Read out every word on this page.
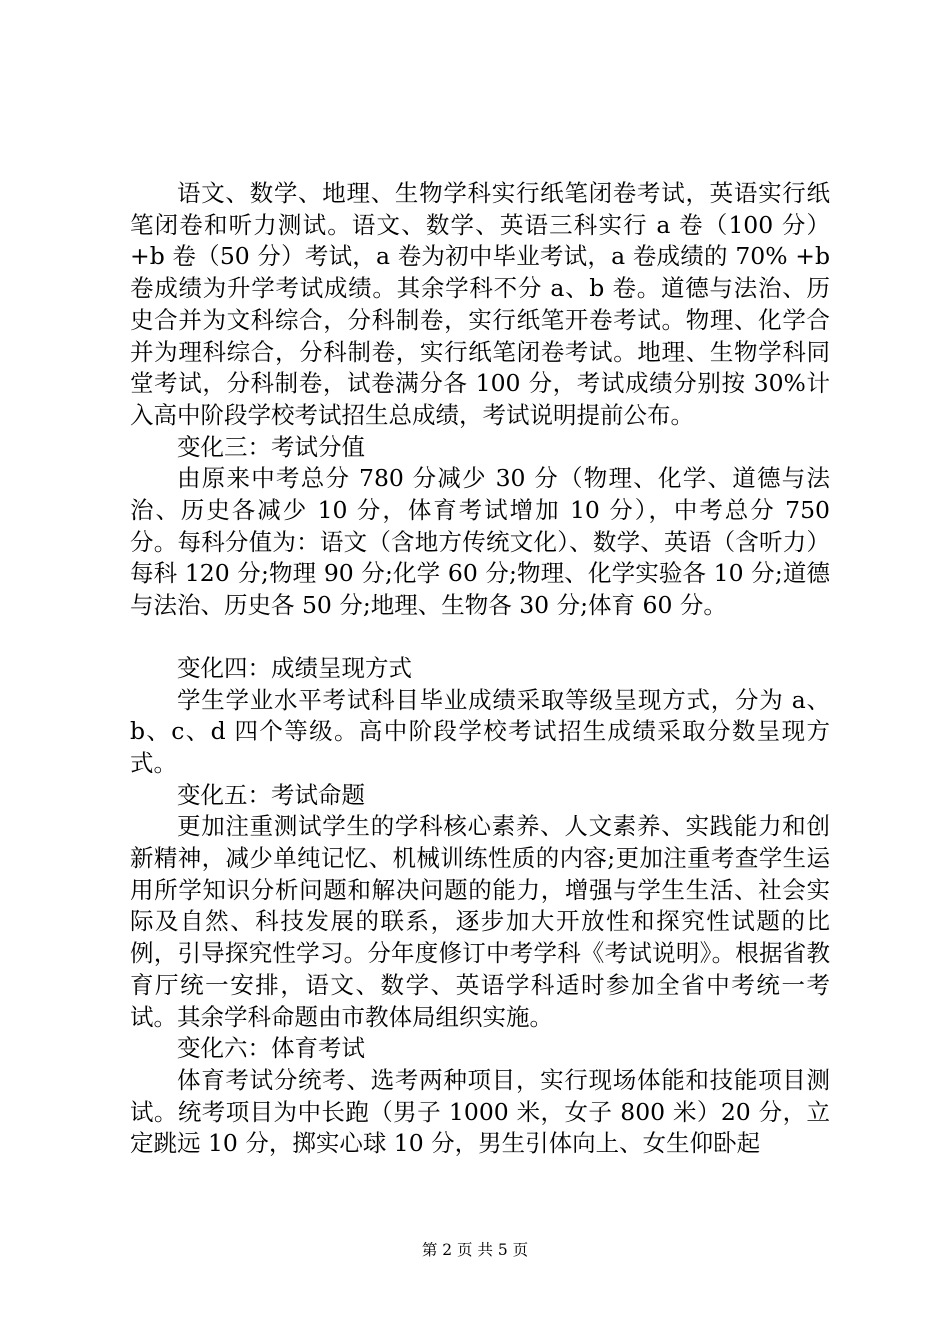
语文、数学、地理、生物学科实行纸笔闭卷考试，英语实行纸笔闭卷和听力测试。语文、数学、英语三科实行 a 卷（100 分）+b 卷（50 分）考试，a 卷为初中毕业考试，a 卷成绩的 70% +b 卷成绩为升学考试成绩。其余学科不分 a、b 卷。道德与法治、历史合并为文科综合，分科制卷，实行纸笔开卷考试。物理、化学合并为理科综合，分科制卷，实行纸笔闭卷考试。地理、生物学科同堂考试，分科制卷，试卷满分各 100 分，考试成绩分别按 30%计入高中阶段学校考试招生总成绩，考试说明提前公布。

变化三：考试分值

由原来中考总分 780 分减少 30 分（物理、化学、道德与法治、历史各减少 10 分，体育考试增加 10 分），中考总分 750 分。每科分值为：语文（含地方传统文化）、数学、英语（含听力）每科 120 分;物理 90 分;化学 60 分;物理、化学实验各 10 分;道德与法治、历史各 50 分;地理、生物各 30 分;体育 60 分。

变化四：成绩呈现方式

学生学业水平考试科目毕业成绩采取等级呈现方式，分为 a、b、c、d 四个等级。高中阶段学校考试招生成绩采取分数呈现方式。

变化五：考试命题

更加注重测试学生的学科核心素养、人文素养、实践能力和创新精神，减少单纯记忆、机械训练性质的内容;更加注重考查学生运用所学知识分析问题和解决问题的能力，增强与学生生活、社会实际及自然、科技发展的联系，逐步加大开放性和探究性试题的比例，引导探究性学习。分年度修订中考学科《考试说明》。根据省教育厅统一安排，语文、数学、英语学科适时参加全省中考统一考试。其余学科命题由市教体局组织实施。

变化六：体育考试

体育考试分统考、选考两种项目，实行现场体能和技能项目测试。统考项目为中长跑（男子 1000 米，女子 800 米）20 分，立定跳远 10 分，掷实心球 10 分，男生引体向上、女生仰卧起

第 2 页 共 5 页
